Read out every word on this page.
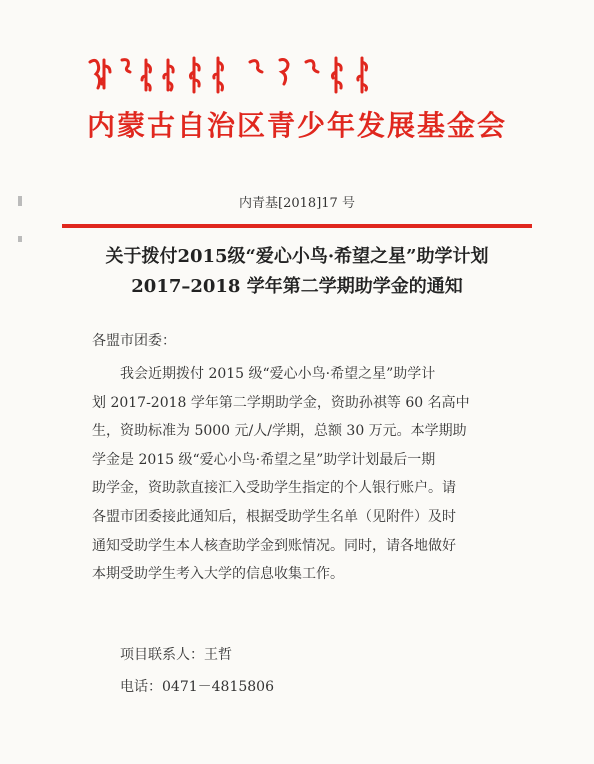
内蒙古自治区青少年发展基金会
内青基[2018]17 号
关于拨付2015级“爱心小鸟·希望之星”助学计划
2017–2018 学年第二学期助学金的通知
各盟市团委：
我会近期拨付 2015 级“爱心小鸟·希望之星”助学计
划 2017-2018 学年第二学期助学金，资助孙祺等 60 名高中
生，资助标准为 5000 元/人/学期，总额 30 万元。本学期助
学金是 2015 级“爱心小鸟·希望之星”助学计划最后一期
助学金，资助款直接汇入受助学生指定的个人银行账户。请
各盟市团委接此通知后，根据受助学生名单（见附件）及时
通知受助学生本人核查助学金到账情况。同时，请各地做好
本期受助学生考入大学的信息收集工作。
项目联系人：王哲
电话：0471－4815806
